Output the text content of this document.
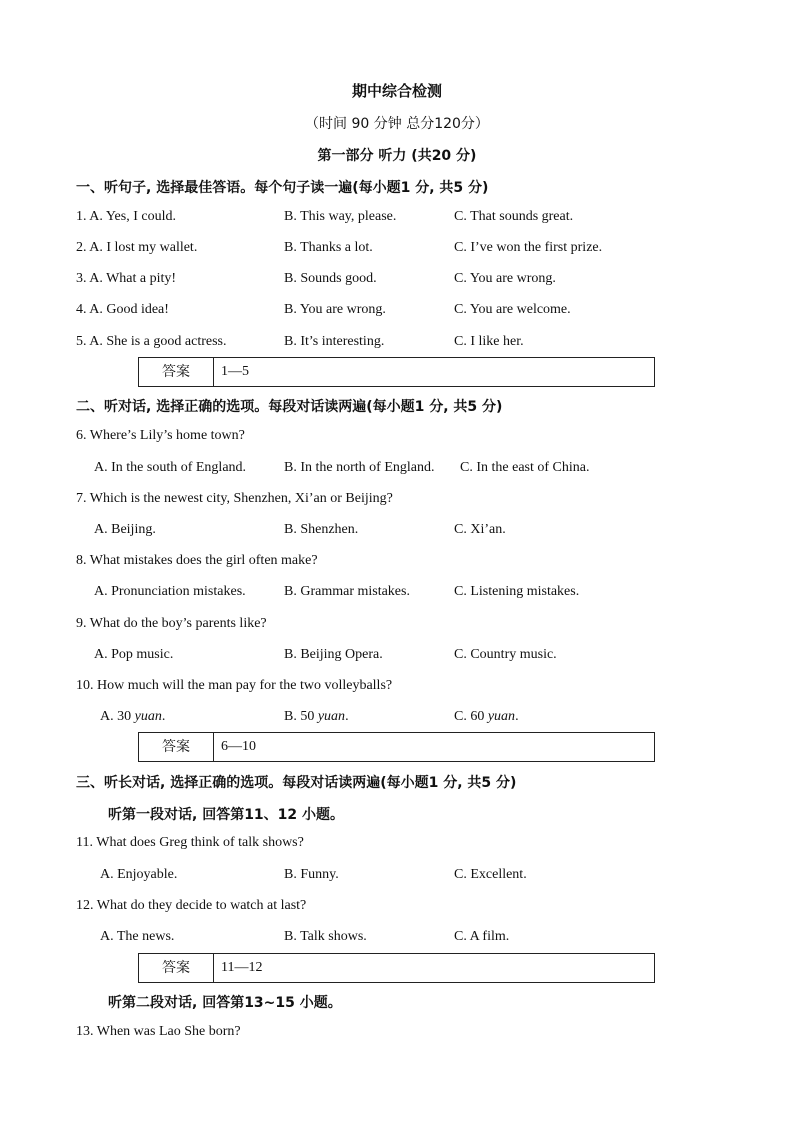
期中综合检测
（时间 90 分钟 总分120分）
第一部分 听力 (共20 分)
一、听句子, 选择最佳答语。每个句子读一遍(每小题1 分, 共5 分)
1. A. Yes, I could.	B. This way, please.	C. That sounds great.
2. A. I lost my wallet.	B. Thanks a lot.	C. I’ve won the first prize.
3. A. What a pity!	B. Sounds good.	C. You are wrong.
4. A. Good idea!	B. You are wrong.	C. You are welcome.
5. A. She is a good actress.	B. It’s interesting.	C. I like her.
答案	1—5
二、听对话, 选择正确的选项。每段对话读两遍(每小题1 分, 共5 分)
6. Where’s Lily’s home town?
A. In the south of England.	B. In the north of England. C. In the east of China.
7. Which is the newest city, Shenzhen, Xi’an or Beijing?
A. Beijing.	B. Shenzhen.	C. Xi’an.
8. What mistakes does the girl often make?
A. Pronunciation mistakes.	B. Grammar mistakes.	C. Listening mistakes.
9. What do the boy’s parents like?
A. Pop music.	B. Beijing Opera.	C. Country music.
10. How much will the man pay for the two volleyballs?
A. 30 yuan.	B. 50 yuan.	C. 60 yuan.
答案	6—10
三、听长对话, 选择正确的选项。每段对话读两遍(每小题1 分, 共5 分)
听第一段对话, 回答第11、12 小题。
11. What does Greg think of talk shows?
A. Enjoyable.	B. Funny.	C. Excellent.
12. What do they decide to watch at last?
A. The news.	B. Talk shows.	C. A film.
答案	11—12
听第二段对话, 回答第13~15 小题。
13. When was Lao She born?
